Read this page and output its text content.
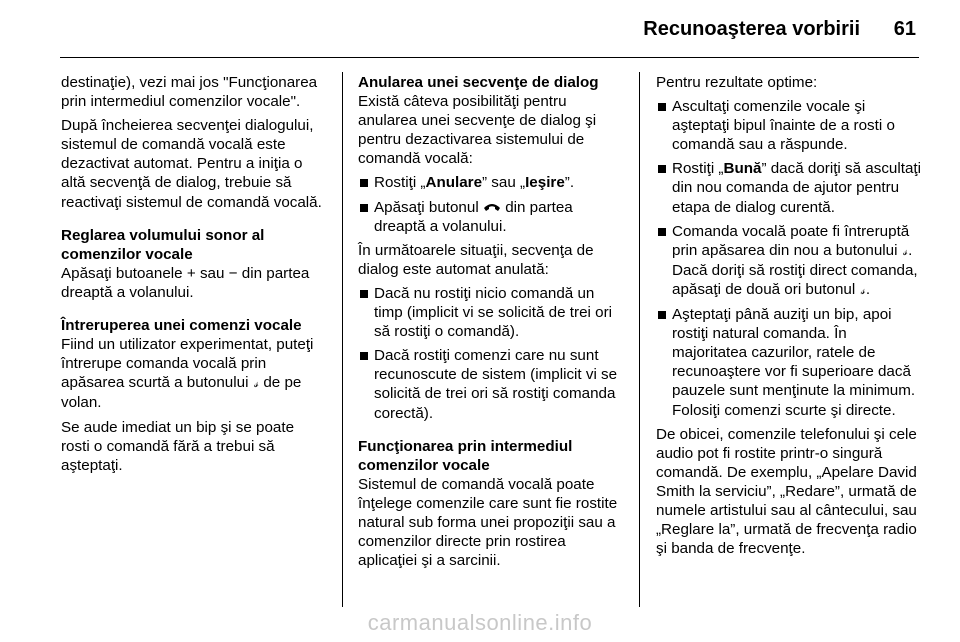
Recunoaşterea vorbirii 61

destinaţie), vezi mai jos "Funcţionarea prin intermediul comenzilor vocale".

După încheierea secvenţei dialogului, sistemul de comandă vocală este dezactivat automat. Pentru a iniţia o altă secvenţă de dialog, trebuie să reactivaţi sistemul de comandă vocală.

Reglarea volumului sonor al comenzilor vocale

Apăsaţi butoanele + sau − din partea dreaptă a volanului.

Întreruperea unei comenzi vocale

Fiind un utilizator experimentat, puteţi întrerupe comanda vocală prin apăsarea scurtă a butonului 𝓈 de pe volan.

Se aude imediat un bip şi se poate rosti o comandă fără a trebui să aşteptaţi.

Anularea unei secvenţe de dialog

Există câteva posibilităţi pentru anularea unei secvenţe de dialog şi pentru dezactivarea sistemului de comandă vocală:

Rostiţi „Anulare” sau „Ieşire”.
Apăsaţi butonul din partea dreaptă a volanului.

În următoarele situaţii, secvenţa de dialog este automat anulată:

Dacă nu rostiţi nicio comandă un timp (implicit vi se solicită de trei ori să rostiţi o comandă).
Dacă rostiţi comenzi care nu sunt recunoscute de sistem (implicit vi se solicită de trei ori să rostiţi comanda corectă).
Funcţionarea prin intermediul comenzilor vocale

Sistemul de comandă vocală poate înţelege comenzile care sunt fie rostite natural sub forma unei propoziţii sau a comenzilor directe prin rostirea aplicaţiei şi a sarcinii.

Pentru rezultate optime:

Ascultaţi comenzile vocale şi aşteptaţi bipul înainte de a rosti o comandă sau a răspunde.
Rostiţi „Bună” dacă doriţi să ascultaţi din nou comanda de ajutor pentru etapa de dialog curentă.
Comanda vocală poate fi întreruptă prin apăsarea din nou a butonului 𝓈. Dacă doriţi să rostiţi direct comanda, apăsaţi de două ori butonul 𝓈.
Aşteptaţi până auziţi un bip, apoi rostiţi natural comanda. În majoritatea cazurilor, ratele de recunoaştere vor fi superioare dacă pauzele sunt menţinute la minimum. Folosiţi comenzi scurte şi directe.

De obicei, comenzile telefonului şi cele audio pot fi rostite printr-o singură comandă. De exemplu, „Apelare David Smith la serviciu”, „Redare”, urmată de numele artistului sau al cântecului, sau „Reglare la”, urmată de frecvenţa radio şi banda de frecvenţe.

carmanualsonline.info
